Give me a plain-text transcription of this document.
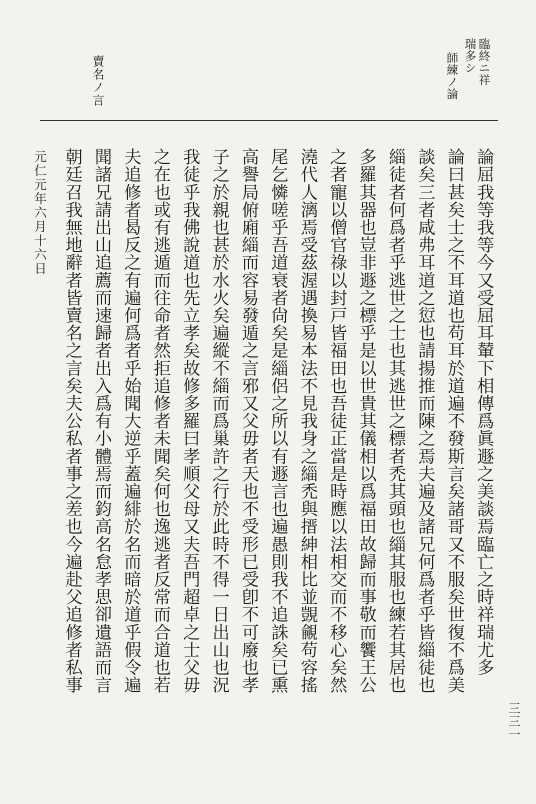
賣名ノ言	臨終ニ祥
瑞多シ
師練ノ論
論屈我等我等今又受屈耳輦下相傳爲眞遯之美談焉臨亡之時祥瑞尤多
論曰甚矣士之不耳道也苟耳於道遍不發斯言矣諸哥又不服矣世復不爲美
談矣三者咸弗耳道之愆也請揚推而陳之焉夫遍及諸兄何爲者乎皆緇徒也
緇徒者何爲者乎逃世之士也其逃世之標者禿其頭也緇其服也練若其居也
多羅其器也豈非遯之標乎是以世貴其儀相以爲福田故歸而事敬而饗王公
之者寵以僧官祿以封戸皆福田也吾徒正當是時應以法相交而不移心矣然
澆代人漓焉受茲渥遇換易本法不見我身之緇禿與搢紳相比並覬覦苟容搖
尾乞憐嗟乎吾道衰者尙矣是緇侶之所以有遯言也遍愚則我不追誅矣已熏
高譽局俯廂緇而容易發遁之言邪又父毋者天也不受形已受卽不可廢也孝
子之於親也甚於水火矣遍縱不緇而爲巢許之行於此時不得一日出山也況
我徒乎我佛說道也先立孝矣故修多羅曰孝順父母又夫吾門超卓之士父毋
之在也或有逃遁而往命者然拒追修者未聞矣何也逸逃者反常而合道也若
夫追修者曷反之有遍何爲者乎始聞大逆乎蓋遍緋於名而暗於道乎假令遍
聞諸兄請出山追薦而速歸者出入爲有小體焉而鈞高名怠孝思卻遺語而言
朝廷召我無地辭者皆賣名之言矣夫公私者事之差也今遍赴父追修者私事
元仁元年六月十六日
三三一
